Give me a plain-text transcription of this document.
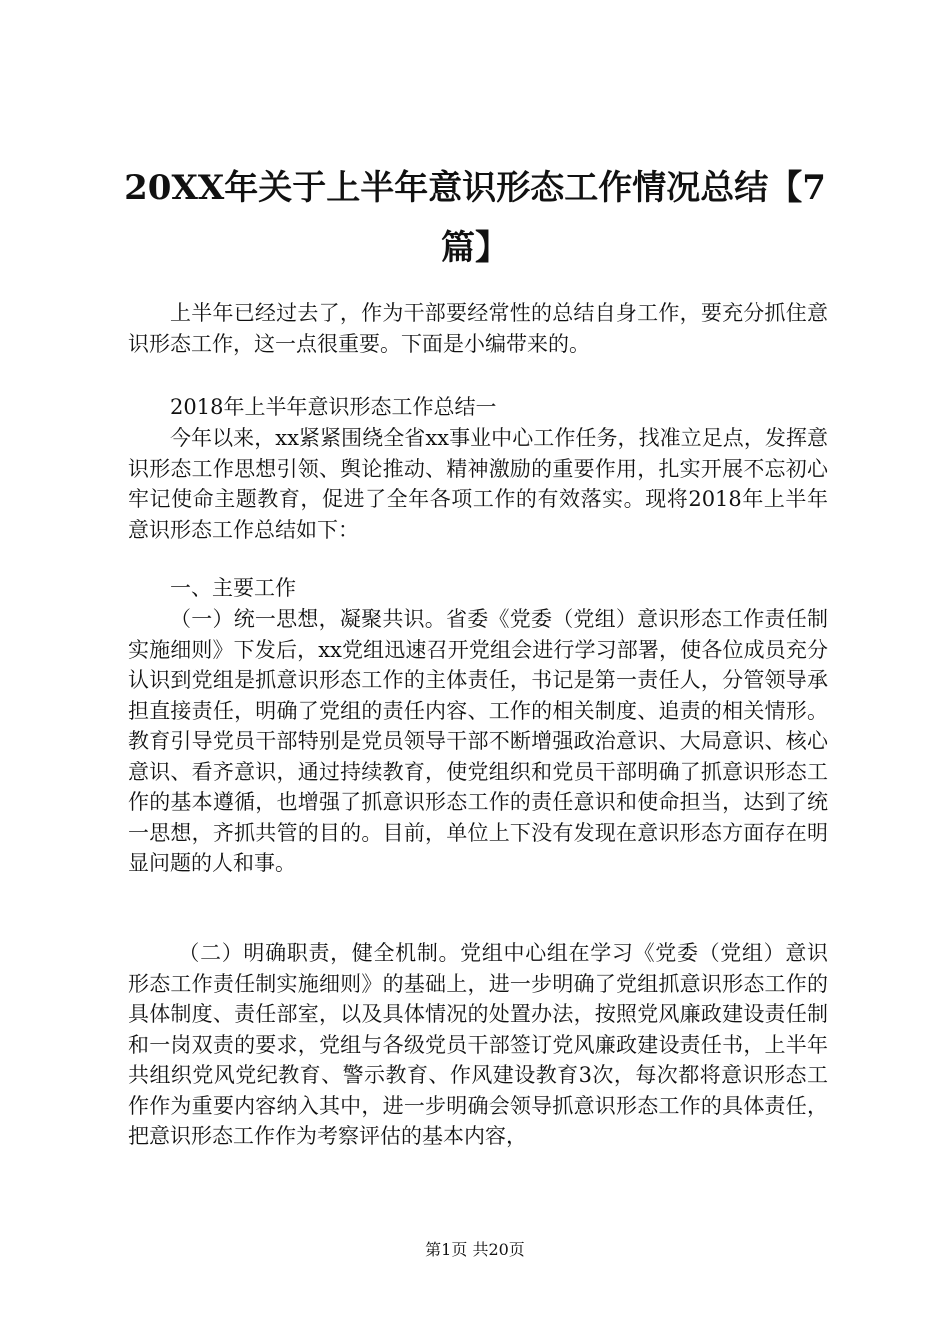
20XX年关于上半年意识形态工作情况总结【7篇】

上半年已经过去了，作为干部要经常性的总结自身工作，要充分抓住意识形态工作，这一点很重要。下面是小编带来的。

2018年上半年意识形态工作总结一

今年以来，xx紧紧围绕全省xx事业中心工作任务，找准立足点，发挥意识形态工作思想引领、舆论推动、精神激励的重要作用，扎实开展不忘初心牢记使命主题教育，促进了全年各项工作的有效落实。现将2018年上半年意识形态工作总结如下：

一、主要工作

（一）统一思想，凝聚共识。省委《党委（党组）意识形态工作责任制实施细则》下发后，xx党组迅速召开党组会进行学习部署，使各位成员充分认识到党组是抓意识形态工作的主体责任，书记是第一责任人，分管领导承担直接责任，明确了党组的责任内容、工作的相关制度、追责的相关情形。教育引导党员干部特别是党员领导干部不断增强政治意识、大局意识、核心意识、看齐意识，通过持续教育，使党组织和党员干部明确了抓意识形态工作的基本遵循，也增强了抓意识形态工作的责任意识和使命担当，达到了统一思想，齐抓共管的目的。目前，单位上下没有发现在意识形态方面存在明显问题的人和事。

（二）明确职责，健全机制。党组中心组在学习《党委（党组）意识形态工作责任制实施细则》的基础上，进一步明确了党组抓意识形态工作的具体制度、责任部室，以及具体情况的处置办法，按照党风廉政建设责任制和一岗双责的要求，党组与各级党员干部签订党风廉政建设责任书，上半年共组织党风党纪教育、警示教育、作风建设教育3次，每次都将意识形态工作作为重要内容纳入其中，进一步明确会领导抓意识形态工作的具体责任，把意识形态工作作为考察评估的基本内容，

第1页 共20页
